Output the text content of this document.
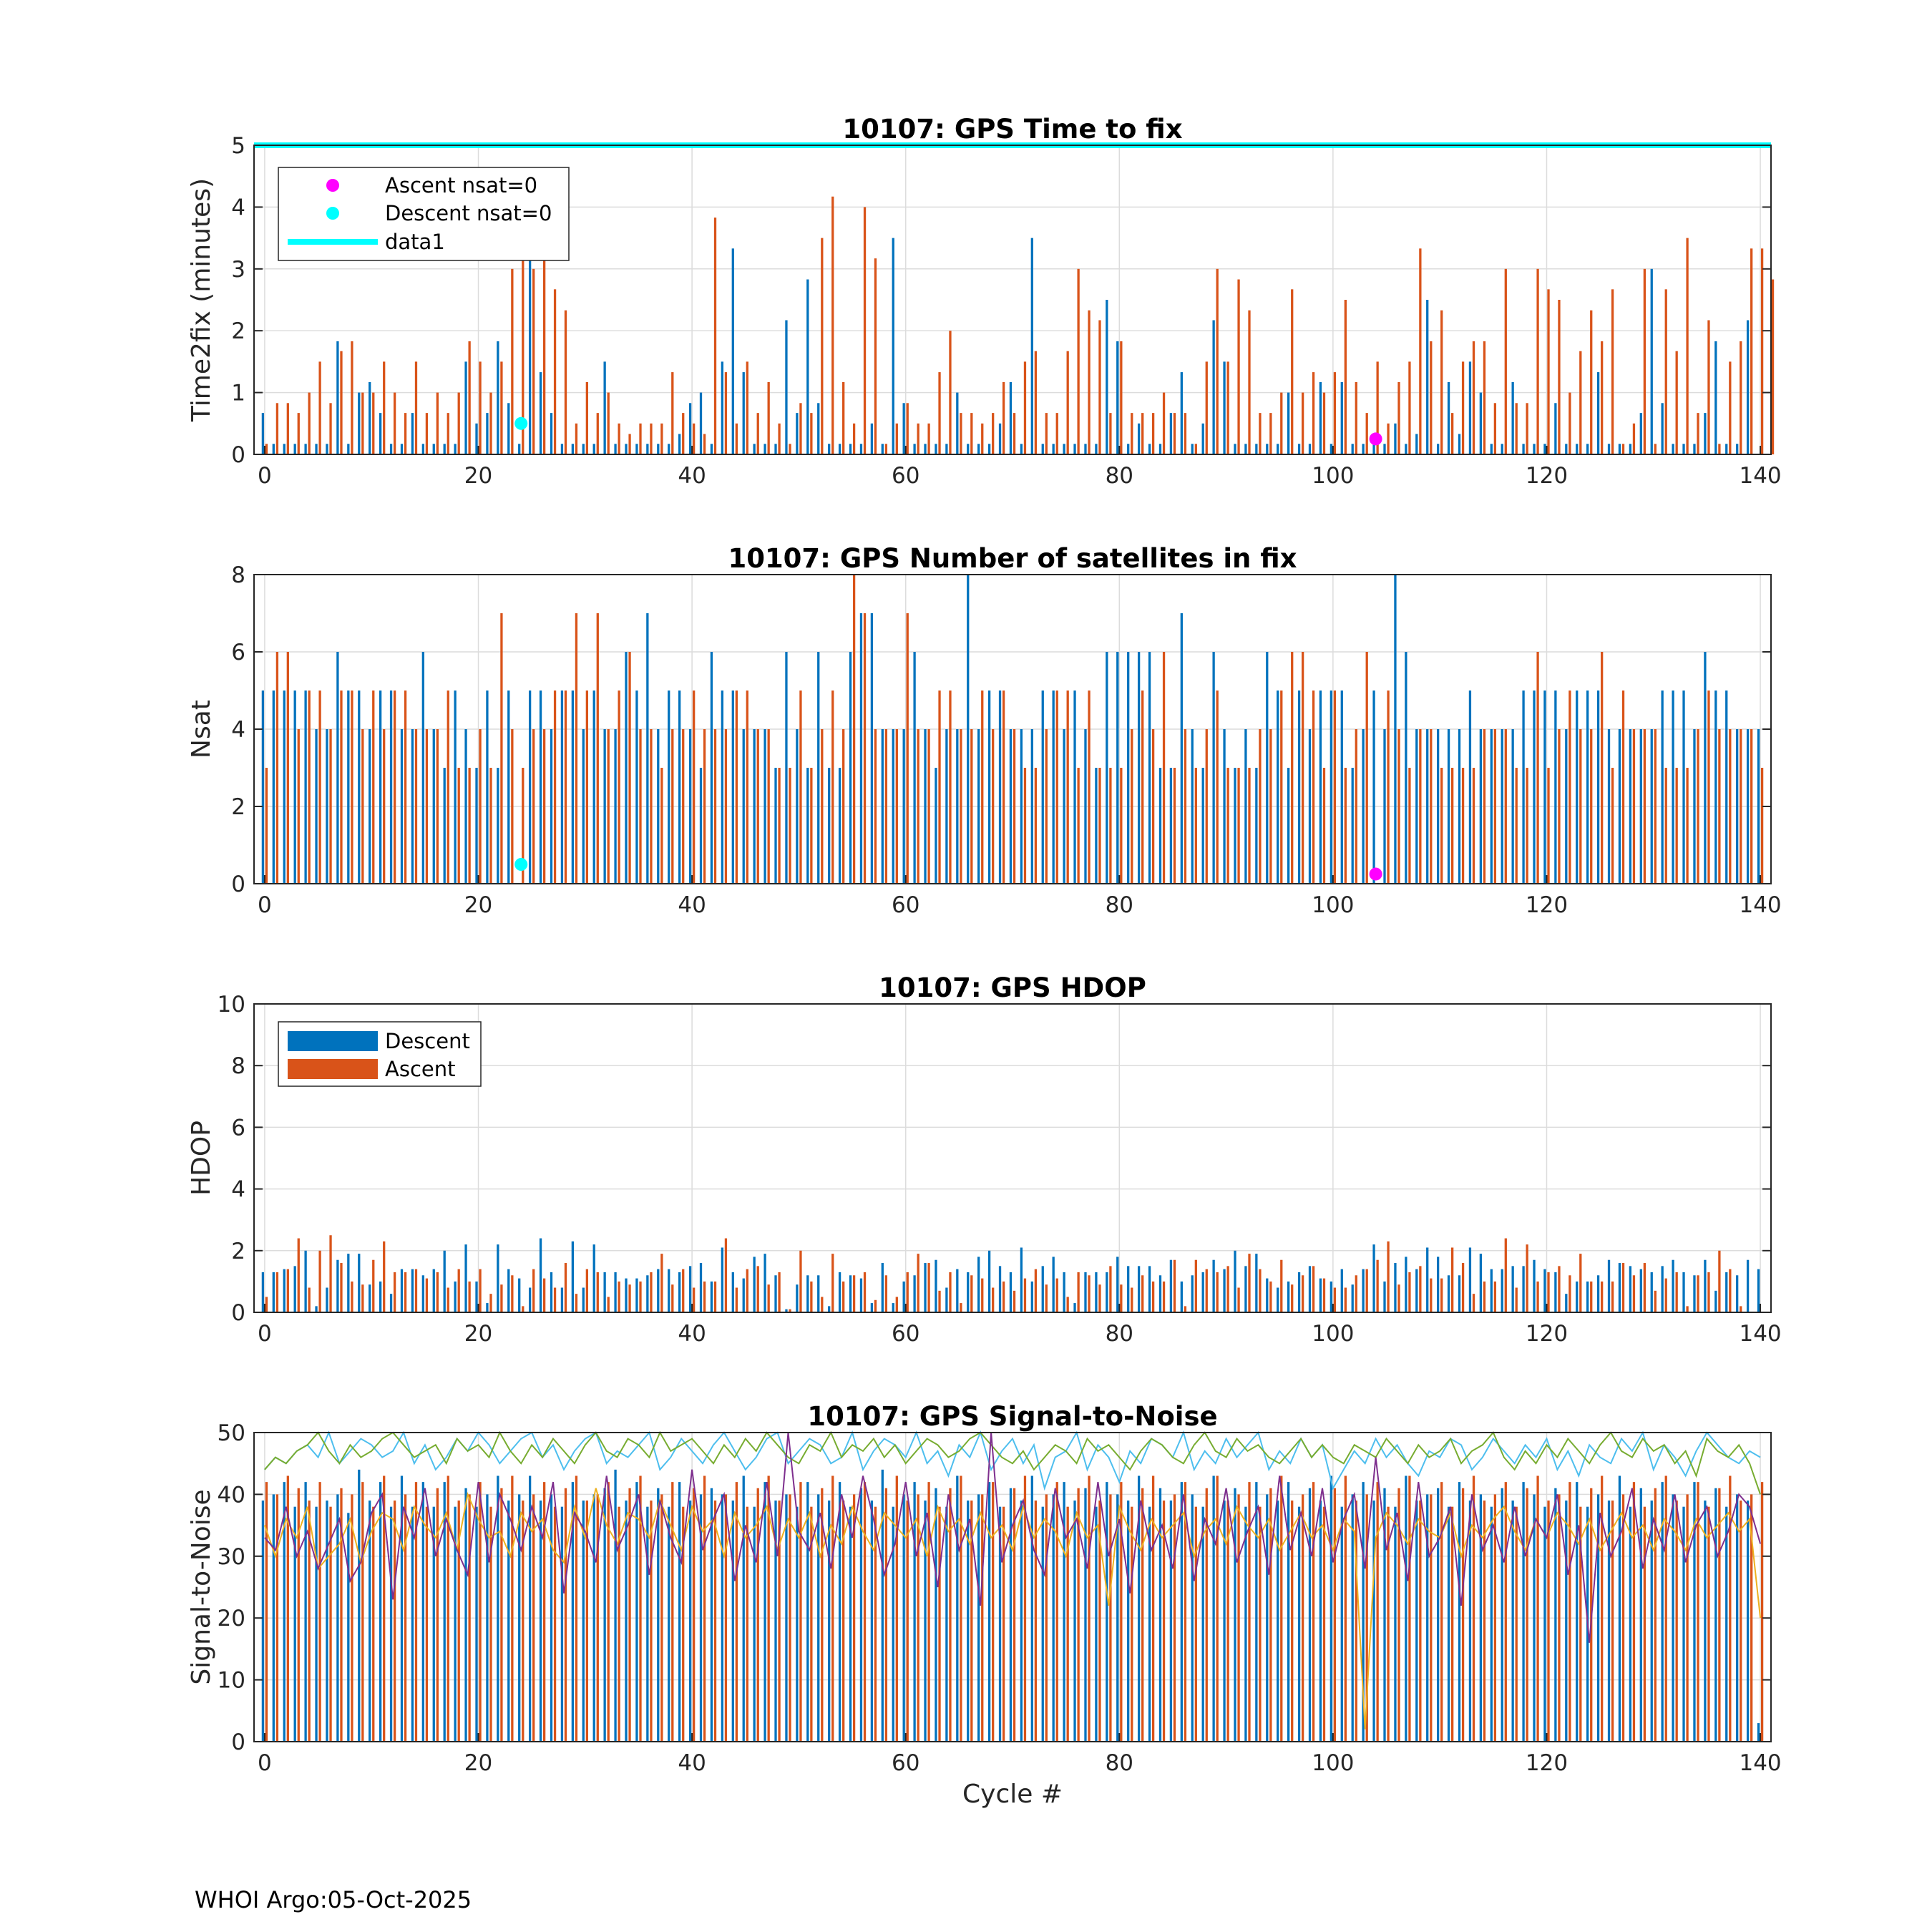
10107: GPS Time to fix
Time2fix (minutes)
0	20	40	60	80	100	120	140
0
1
2
3
4
5
Ascent nsat=0
Descent nsat=0
data1
10107: GPS Number of satellites in fix
Nsat
0	20	40	60	80	100	120	140
0
2
4
6
8
10107: GPS HDOP
HDOP
0	20	40	60	80	100	120	140
0
2
4
6
8
10
Descent
Ascent
10107: GPS Signal-to-Noise
Signal-to-Noise
Cycle #
0	20	40	60	80	100	120	140
0
10
20
30
40
50
WHOI Argo:05-Oct-2025
